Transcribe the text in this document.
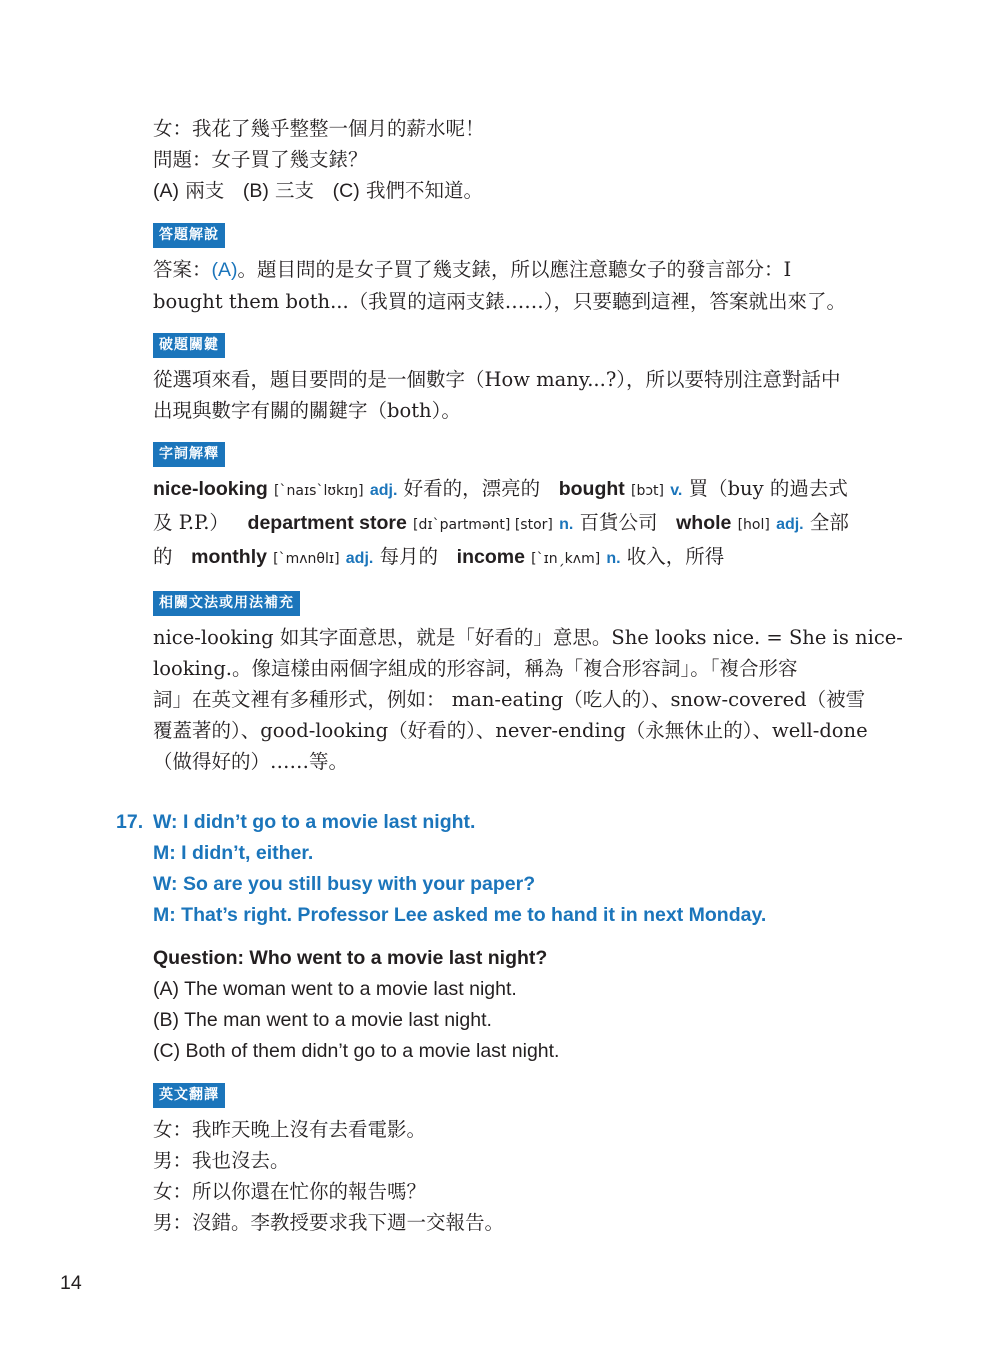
女：我花了幾乎整整一個月的薪水呢！
問題：女子買了幾支錶？
(A) 兩支 (B) 三支 (C) 我們不知道。
答題解說
答案：(A)。題目問的是女子買了幾支錶，所以應注意聽女子的發言部分：I
bought them both...（我買的這兩支錶……），只要聽到這裡，答案就出來了。
破題關鍵
從選項來看，題目要問的是一個數字（How many...?），所以要特別注意對話中
出現與數字有關的關鍵字（both）。
字詞解釋
nice-looking [ˋnaɪsˋlʊkɪŋ] adj. 好看的，漂亮的 bought [bɔt] v. 買（buy 的過去式
及 P.P.） department store [dɪˋpartmənt] [stor] n. 百貨公司 whole [hol] adj. 全部
的 monthly [ˋmʌnθlɪ] adj. 每月的 income [ˋɪnˏkʌm] n. 收入，所得
相關文法或用法補充
nice-looking 如其字面意思，就是「好看的」意思。She looks nice. = She is nice-
looking.。像這樣由兩個字組成的形容詞，稱為「複合形容詞」。「複合形容
詞」在英文裡有多種形式，例如： man-eating（吃人的）、snow-covered（被雪
覆蓋著的）、good-looking（好看的）、never-ending（永無休止的）、well-done
（做得好的）……等。
17. W: I didn’t go to a movie last night.
M: I didn’t, either.
W: So are you still busy with your paper?
M: That’s right. Professor Lee asked me to hand it in next Monday.
Question: Who went to a movie last night?
(A) The woman went to a movie last night.
(B) The man went to a movie last night.
(C) Both of them didn’t go to a movie last night.
英文翻譯
女：我昨天晚上沒有去看電影。
男：我也沒去。
女：所以你還在忙你的報告嗎？
男：沒錯。李教授要求我下週一交報告。
14
